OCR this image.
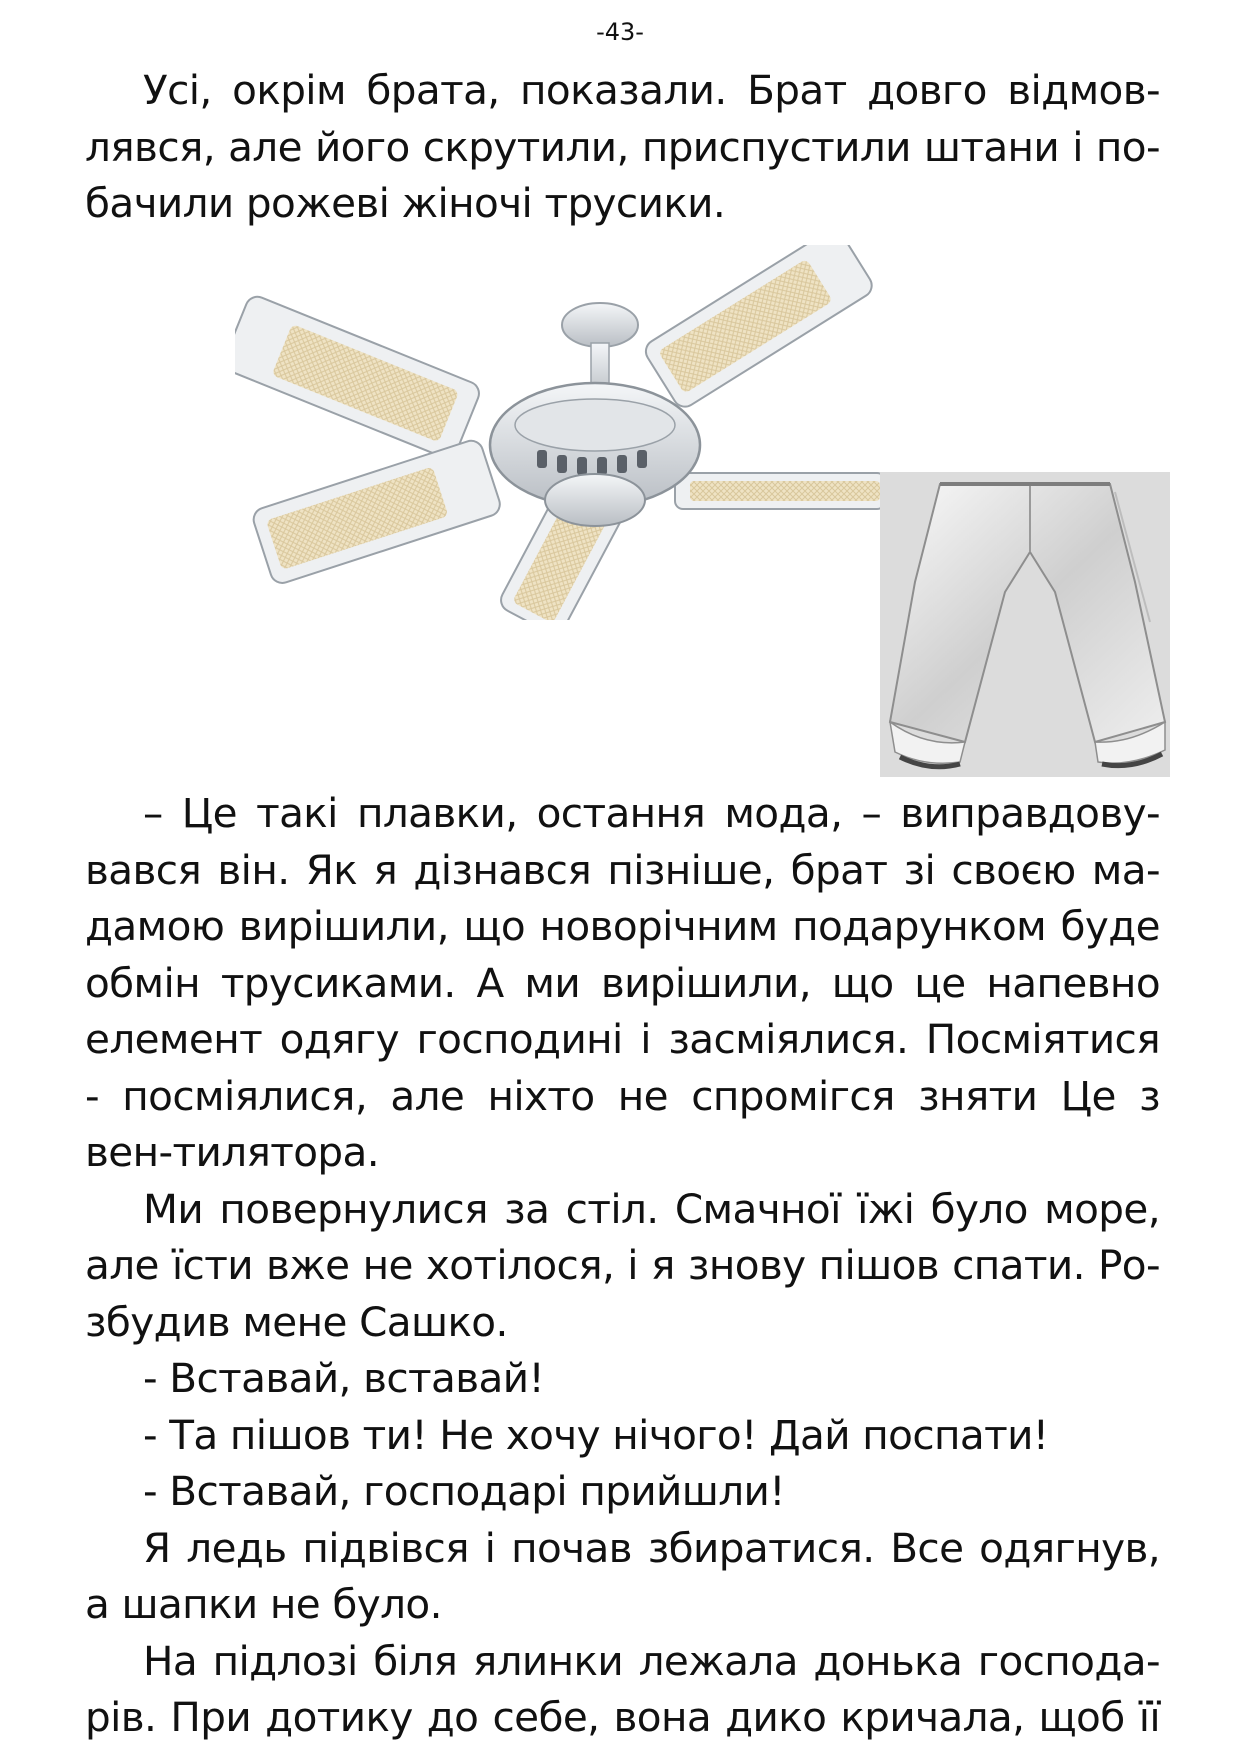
-43-

Усі, окрім брата, показали. Брат довго відмов-лявся, але його скрутили, приспустили штани і по-бачили рожеві жіночі трусики.

– Це такі плавки, остання мода, – виправдову-вався він. Як я дізнався пізніше, брат зі своєю ма-дамою вирішили, що новорічним подарунком буде обмін трусиками. А ми вирішили, що це напевно елемент одягу господині і засміялися. Посміятися - посміялися, але ніхто не спромігся зняти Це з вен-тилятора.

Ми повернулися за стіл. Смачної їжі було море, але їсти вже не хотілося, і я знову пішов спати. Ро-збудив мене Сашко.

- Вставай, вставай!

- Та пішов ти! Не хочу нічого! Дай поспати!

- Вставай, господарі прийшли!

Я ледь підвівся і почав збиратися. Все одягнув, а шапки не було.

На підлозі біля ялинки лежала донька господа-рів. При дотику до себе, вона дико кричала, щоб її
